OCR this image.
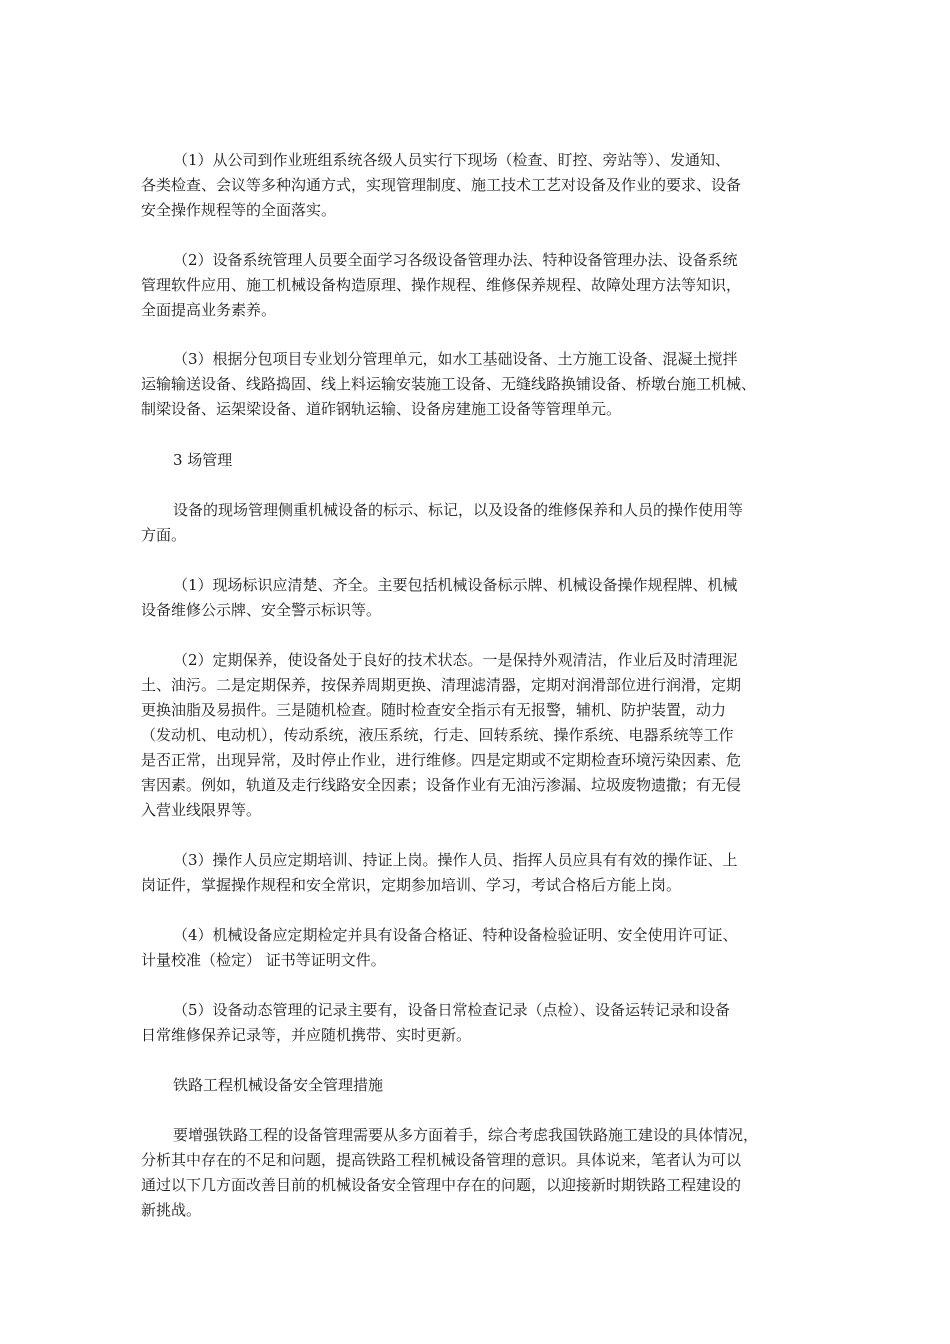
（1）从公司到作业班组系统各级人员实行下现场（检查、盯控、旁站等）、发通知、
各类检查、会议等多种沟通方式，实现管理制度、施工技术工艺对设备及作业的要求、设备
安全操作规程等的全面落实。
（2）设备系统管理人员要全面学习各级设备管理办法、特种设备管理办法、设备系统
管理软件应用、施工机械设备构造原理、操作规程、维修保养规程、故障处理方法等知识，
全面提高业务素养。
（3）根据分包项目专业划分管理单元，如水工基础设备、土方施工设备、混凝土搅拌
运输输送设备、线路捣固、线上料运输安装施工设备、无缝线路换铺设备、桥墩台施工机械、
制梁设备、运架梁设备、道砟钢轨运输、设备房建施工设备等管理单元。
3 场管理
设备的现场管理侧重机械设备的标示、标记，以及设备的维修保养和人员的操作使用等
方面。
（1）现场标识应清楚、齐全。主要包括机械设备标示牌、机械设备操作规程牌、机械
设备维修公示牌、安全警示标识等。
（2）定期保养，使设备处于良好的技术状态。一是保持外观清洁，作业后及时清理泥
土、油污。二是定期保养，按保养周期更换、清理滤清器，定期对润滑部位进行润滑，定期
更换油脂及易损件。三是随机检查。随时检查安全指示有无报警，辅机、防护装置，动力
（发动机、电动机），传动系统，液压系统，行走、回转系统、操作系统、电器系统等工作
是否正常，出现异常，及时停止作业，进行维修。四是定期或不定期检查环境污染因素、危
害因素。例如，轨道及走行线路安全因素；设备作业有无油污渗漏、垃圾废物遗撒；有无侵
入营业线限界等。
（3）操作人员应定期培训、持证上岗。操作人员、指挥人员应具有有效的操作证、上
岗证件，掌握操作规程和安全常识，定期参加培训、学习，考试合格后方能上岗。
（4）机械设备应定期检定并具有设备合格证、特种设备检验证明、安全使用许可证、
计量校准（检定） 证书等证明文件。
（5）设备动态管理的记录主要有，设备日常检查记录（点检）、设备运转记录和设备
日常维修保养记录等，并应随机携带、实时更新。
铁路工程机械设备安全管理措施
要增强铁路工程的设备管理需要从多方面着手，综合考虑我国铁路施工建设的具体情况，
分析其中存在的不足和问题，提高铁路工程机械设备管理的意识。具体说来，笔者认为可以
通过以下几方面改善目前的机械设备安全管理中存在的问题，以迎接新时期铁路工程建设的
新挑战。
